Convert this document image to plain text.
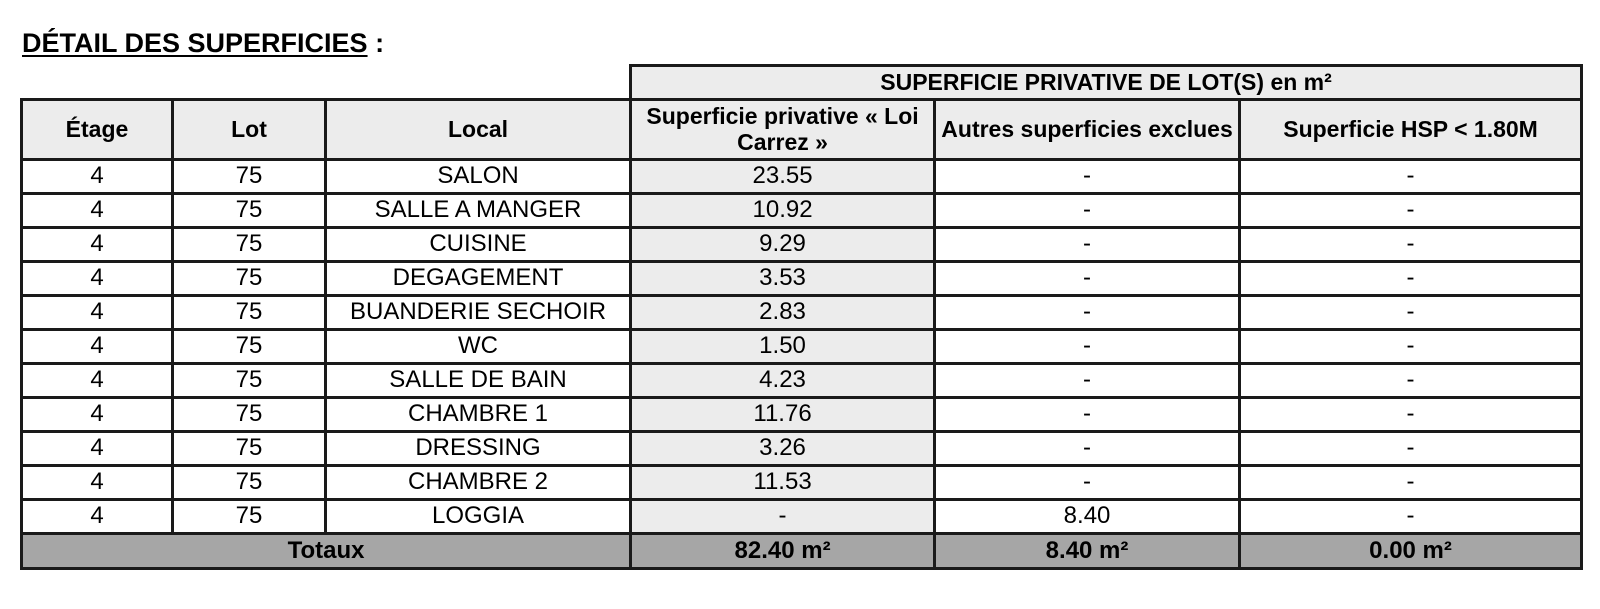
DÉTAIL DES SUPERFICIES :
			SUPERFICIE PRIVATIVE DE LOT(S) en m²		
Étage	Lot	Local	Superficie privative « Loi Carrez »	Autres superficies exclues	Superficie HSP < 1.80M
4	75	SALON	23.55	-	-
4	75	SALLE A MANGER	10.92	-	-
4	75	CUISINE	9.29	-	-
4	75	DEGAGEMENT	3.53	-	-
4	75	BUANDERIE SECHOIR	2.83	-	-
4	75	WC	1.50	-	-
4	75	SALLE DE BAIN	4.23	-	-
4	75	CHAMBRE 1	11.76	-	-
4	75	DRESSING	3.26	-	-
4	75	CHAMBRE 2	11.53	-	-
4	75	LOGGIA	-	8.40	-
Totaux			82.40 m²	8.40 m²	0.00 m²
